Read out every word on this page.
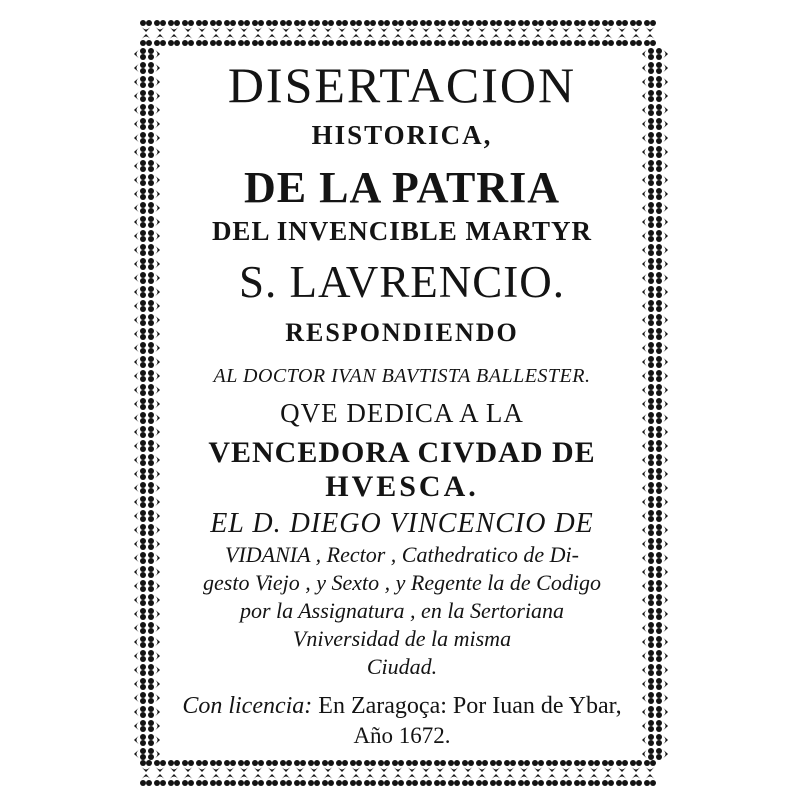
DISERTACION
HISTORICA,
DE LA PATRIA
DEL INVENCIBLE MARTYR
S. LAVRENCIO.
RESPONDIENDO
AL DOCTOR IVAN BAVTISTA BALLESTER.
QVE DEDICA A LA
VENCEDORA CIVDAD DE
HVESCA.
EL D. DIEGO VINCENCIO DE
VIDANIA , Rector , Cathedratico de Di-
gesto Viejo , y Sexto , y Regente la de Codigo
por la Assignatura , en la Sertoriana
Vniversidad de la misma
Ciudad.
Con licencia: En Zaragoça: Por Iuan de Ybar,
Año 1672.
